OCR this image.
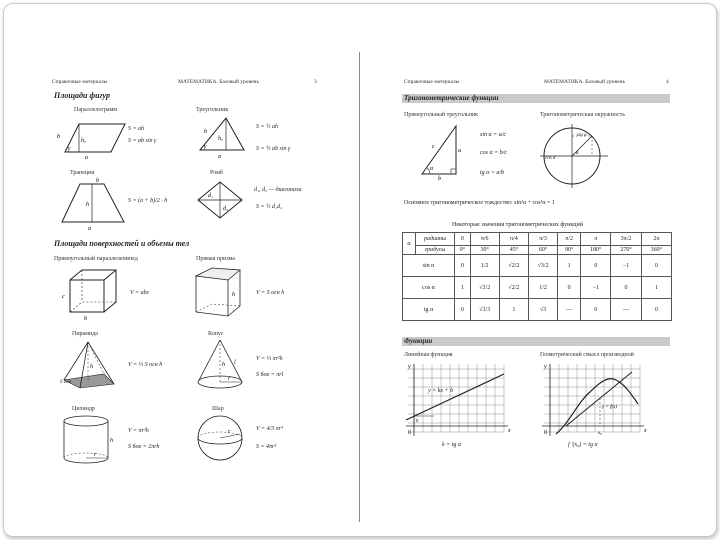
Справочные материалы	МАТЕМАТИКА. Базовый уровень	3
Площади фигур
Параллелограмм
b
hₐ
γ
a
S = ah
S = ab sin γ
Треугольник
b
hₐ
γ
a
S = ½ ah
S = ½ ab sin γ
Трапеция
b
h
a
S = (a + b)/2 · h
Ромб
d₁
d₂
d₁, d₂ — диагонали
S = ½ d₁d₂
Площади поверхностей и объемы тел
Прямоугольный параллелепипед
c
b
V = abc
Прямая призма
h	V = S осн h
Пирамида
h
S осн
V = ⅓ S осн h
Конус
h l
r
V = ⅓ πr²h
S бок = πrl
Цилиндр
h
r
V = πr²h
S бок = 2πrh
Шар
r	V = 4/3 πr³
S = 4πr²
Справочные материалы	МАТЕМАТИКА. Базовый уровень	4
Тригонометрические функции
Прямоугольный треугольник
c
a
b
α
sin α = a/c
cos α = b/c
tg α = a/b
Тригонометрическая окружность
α
sin α
cos α
Основное тригонометрическое тождество: sin²α + cos²α = 1
Некоторые значения тригонометрических функций
α	радианы	0	π/6	π/4	π/3	π/2	π	3π/2	2π
	градусы	0°	30°	45°	60°	90°	180°	270°	360°
sin α		0	1/2	√2/2	√3/2	1	0	−1	0
cos α		1	√3/2	√2/2	1/2	0	−1	0	1
tg α		0	√3/3	1	√3	—	0	—	0
Функции
Линейная функция
b
x
y
0
y = kx + b
k = tg α
Геометрический смысл производной
x
y
0	x₀
y = f(x)
f ′(x₀) = tg α
